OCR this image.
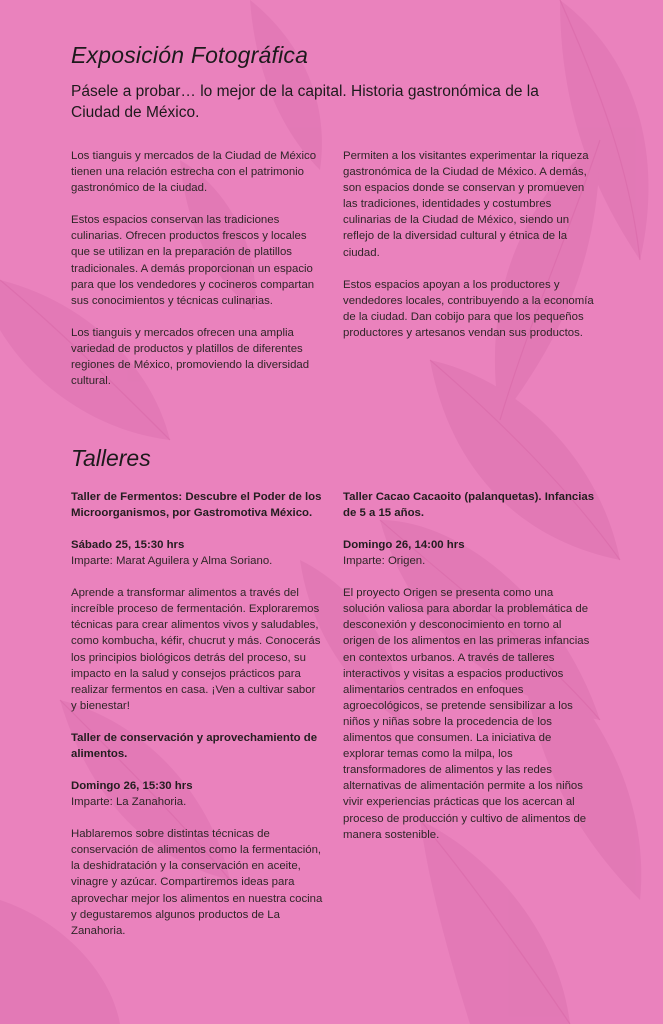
Exposición Fotográfica
Pásele a probar… lo mejor de la capital. Historia gastronómica de la Ciudad de México.

Los tianguis y mercados de la Ciudad de México tienen una relación estrecha con el patrimonio gastronómico de la ciudad.

Estos espacios conservan las tradiciones culinarias. Ofrecen productos frescos y locales que se utilizan en la preparación de platillos tradicionales. A demás proporcionan un espacio para que los vendedores y cocineros compartan sus conocimientos y técnicas culinarias.

Los tianguis y mercados ofrecen una amplia variedad de productos y platillos de diferentes regiones de México, promoviendo la diversidad cultural.

Permiten a los visitantes experimentar la riqueza gastronómica de la Ciudad de México. A demás, son espacios donde se conservan y promueven las tradiciones, identidades y costumbres culinarias de la Ciudad de México, siendo un reflejo de la diversidad cultural y étnica de la ciudad.

Estos espacios apoyan a los productores y vendedores locales, contribuyendo a la economía de la ciudad. Dan cobijo para que los pequeños productores y artesanos vendan sus productos.

Talleres
Taller de Fermentos: Descubre el Poder de los Microorganismos, por Gastromotiva México.
Sábado 25, 15:30 hrs
Imparte: Marat Aguilera y Alma Soriano.

Aprende a transformar alimentos a través del increíble proceso de fermentación. Exploraremos técnicas para crear alimentos vivos y saludables, como kombucha, kéfir, chucrut y más. Conocerás los principios biológicos detrás del proceso, su impacto en la salud y consejos prácticos para realizar fermentos en casa. ¡Ven a cultivar sabor y bienestar!

Taller de conservación y aprovechamiento de alimentos.
Domingo 26, 15:30 hrs
Imparte: La Zanahoria.

Hablaremos sobre distintas técnicas de conservación de alimentos como la fermentación, la deshidratación y la conservación en aceite, vinagre y azúcar. Compartiremos ideas para aprovechar mejor los alimentos en nuestra cocina y degustaremos algunos productos de La Zanahoria.

Taller Cacao Cacaoito (palanquetas). Infancias de 5 a 15 años.
Domingo 26, 14:00 hrs
Imparte: Origen.

El proyecto Origen se presenta como una solución valiosa para abordar la problemática de desconexión y desconocimiento en torno al origen de los alimentos en las primeras infancias en contextos urbanos. A través de talleres interactivos y visitas a espacios productivos alimentarios centrados en enfoques agroecológicos, se pretende sensibilizar a los niños y niñas sobre la procedencia de los alimentos que consumen. La iniciativa de explorar temas como la milpa, los transformadores de alimentos y las redes alternativas de alimentación permite a los niños vivir experiencias prácticas que los acercan al proceso de producción y cultivo de alimentos de manera sostenible.
